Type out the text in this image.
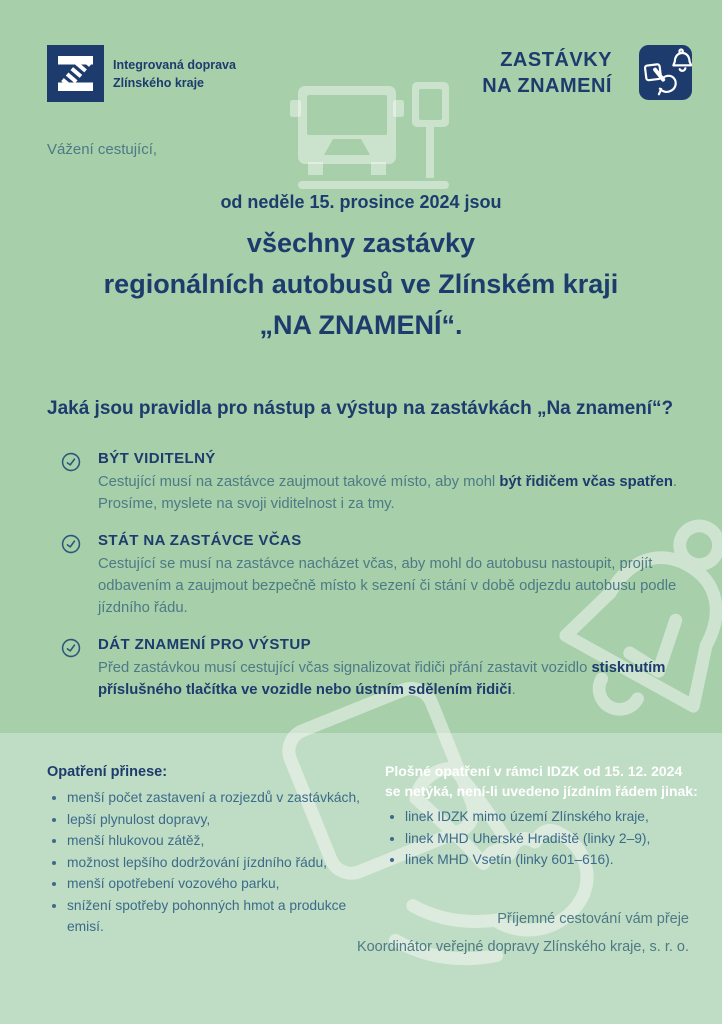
Integrovaná doprava
Zlínského kraje
ZASTÁVKY
NA ZNAMENÍ
Vážení cestující,
od neděle 15. prosince 2024 jsou
všechny zastávky
regionálních autobusů ve Zlínském kraji
„NA ZNAMENÍ“.
Jaká jsou pravidla pro nástup a výstup na zastávkách „Na znamení“?
BÝT VIDITELNÝ
Cestující musí na zastávce zaujmout takové místo, aby mohl být řidičem včas spatřen. Prosíme, myslete na svoji viditelnost i za tmy.
STÁT NA ZASTÁVCE VČAS
Cestující se musí na zastávce nacházet včas, aby mohl do autobusu nastoupit, projít odbavením a zaujmout bezpečně místo k sezení či stání v době odjezdu autobusu podle jízdního řádu.
DÁT ZNAMENÍ PRO VÝSTUP
Před zastávkou musí cestující včas signalizovat řidiči přání zastavit vozidlo stisknutím příslušného tlačítka ve vozidle nebo ústním sdělením řidiči.
Opatření přinese:
• menší počet zastavení a rozjezdů v zastávkách,
• lepší plynulost dopravy,
• menší hlukovou zátěž,
• možnost lepšího dodržování jízdního řádu,
• menší opotřebení vozového parku,
• snížení spotřeby pohonných hmot a produkce emisí.
Plošné opatření v rámci IDZK od 15. 12. 2024 se netýká, není-li uvedeno jízdním řádem jinak:
• linek IDZK mimo území Zlínského kraje,
• linek MHD Uherské Hradiště (linky 2–9),
• linek MHD Vsetín (linky 601–616).
Příjemné cestování vám přeje
Koordinátor veřejné dopravy Zlínského kraje, s. r. o.
